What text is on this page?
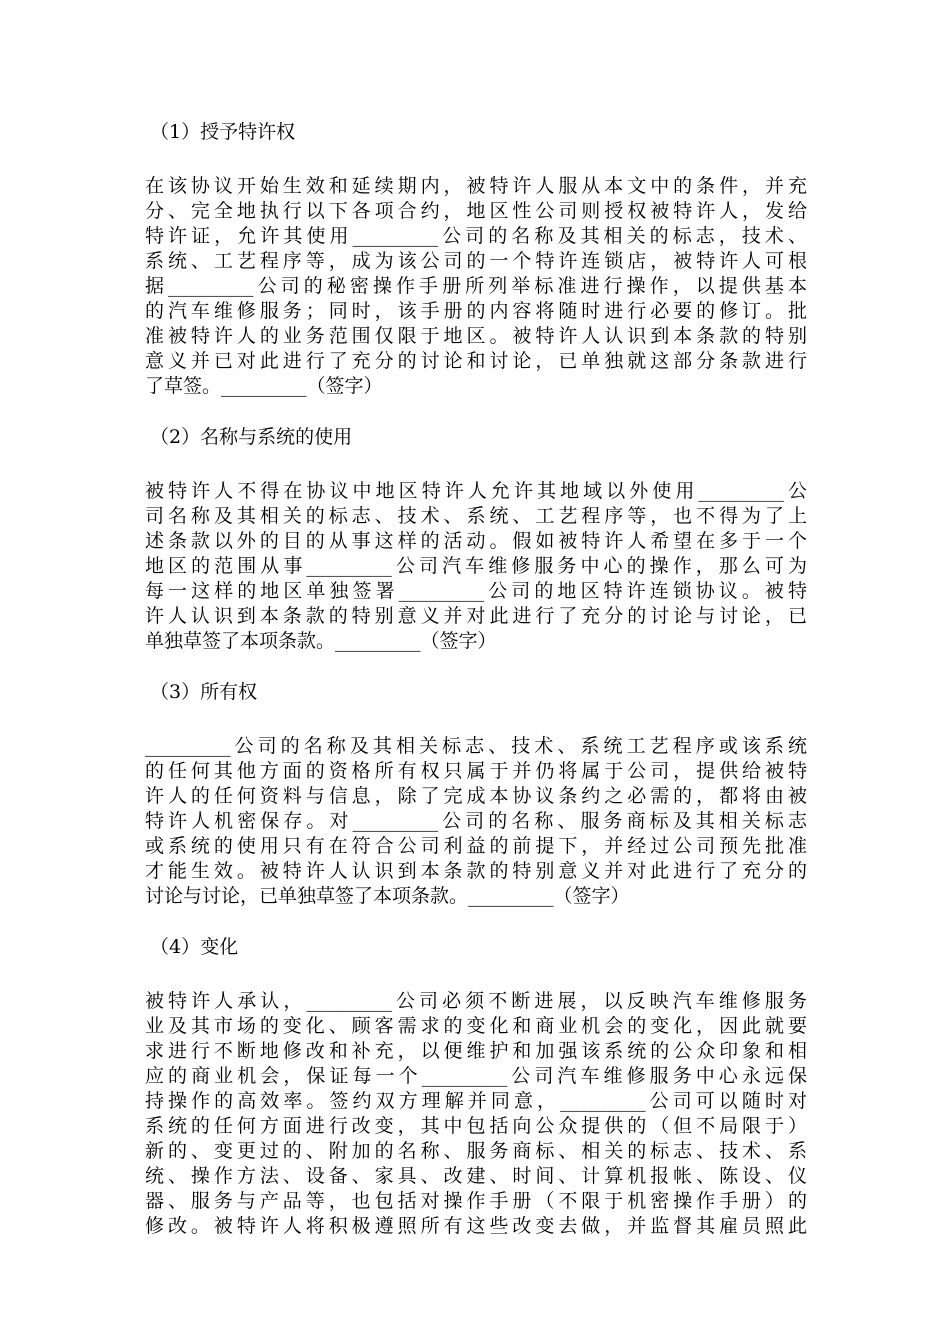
（1）授予特许权

在该协议开始生效和延续期内，被特许人服从本文中的条件，并充
分、完全地执行以下各项合约，地区性公司则授权被特许人，发给
特许证，允许其使用_________公司的名称及其相关的标志，技术、
系统、工艺程序等，成为该公司的一个特许连锁店，被特许人可根
据_________公司的秘密操作手册所列举标准进行操作，以提供基本
的汽车维修服务；同时，该手册的内容将随时进行必要的修订。批
准被特许人的业务范围仅限于地区。被特许人认识到本条款的特别
意义并已对此进行了充分的讨论和讨论，已单独就这部分条款进行
了草签。_________（签字）

（2）名称与系统的使用

被特许人不得在协议中地区特许人允许其地域以外使用_________公
司名称及其相关的标志、技术、系统、工艺程序等，也不得为了上
述条款以外的目的从事这样的活动。假如被特许人希望在多于一个
地区的范围从事_________公司汽车维修服务中心的操作，那么可为
每一这样的地区单独签署_________公司的地区特许连锁协议。被特
许人认识到本条款的特别意义并对此进行了充分的讨论与讨论，已
单独草签了本项条款。_________（签字）

（3）所有权

_________公司的名称及其相关标志、技术、系统工艺程序或该系统
的任何其他方面的资格所有权只属于并仍将属于公司，提供给被特
许人的任何资料与信息，除了完成本协议条约之必需的，都将由被
特许人机密保存。对_________公司的名称、服务商标及其相关标志
或系统的使用只有在符合公司利益的前提下，并经过公司预先批准
才能生效。被特许人认识到本条款的特别意义并对此进行了充分的
讨论与讨论，已单独草签了本项条款。_________（签字）

（4）变化

被特许人承认，_________公司必须不断进展，以反映汽车维修服务
业及其市场的变化、顾客需求的变化和商业机会的变化，因此就要
求进行不断地修改和补充，以便维护和加强该系统的公众印象和相
应的商业机会，保证每一个_________公司汽车维修服务中心永远保
持操作的高效率。签约双方理解并同意，_________公司可以随时对
系统的任何方面进行改变，其中包括向公众提供的（但不局限于）
新的、变更过的、附加的名称、服务商标、相关的标志、技术、系
统、操作方法、设备、家具、改建、时间、计算机报帐、陈设、仪
器、服务与产品等，也包括对操作手册（不限于机密操作手册）的
修改。被特许人将积极遵照所有这些改变去做，并监督其雇员照此
